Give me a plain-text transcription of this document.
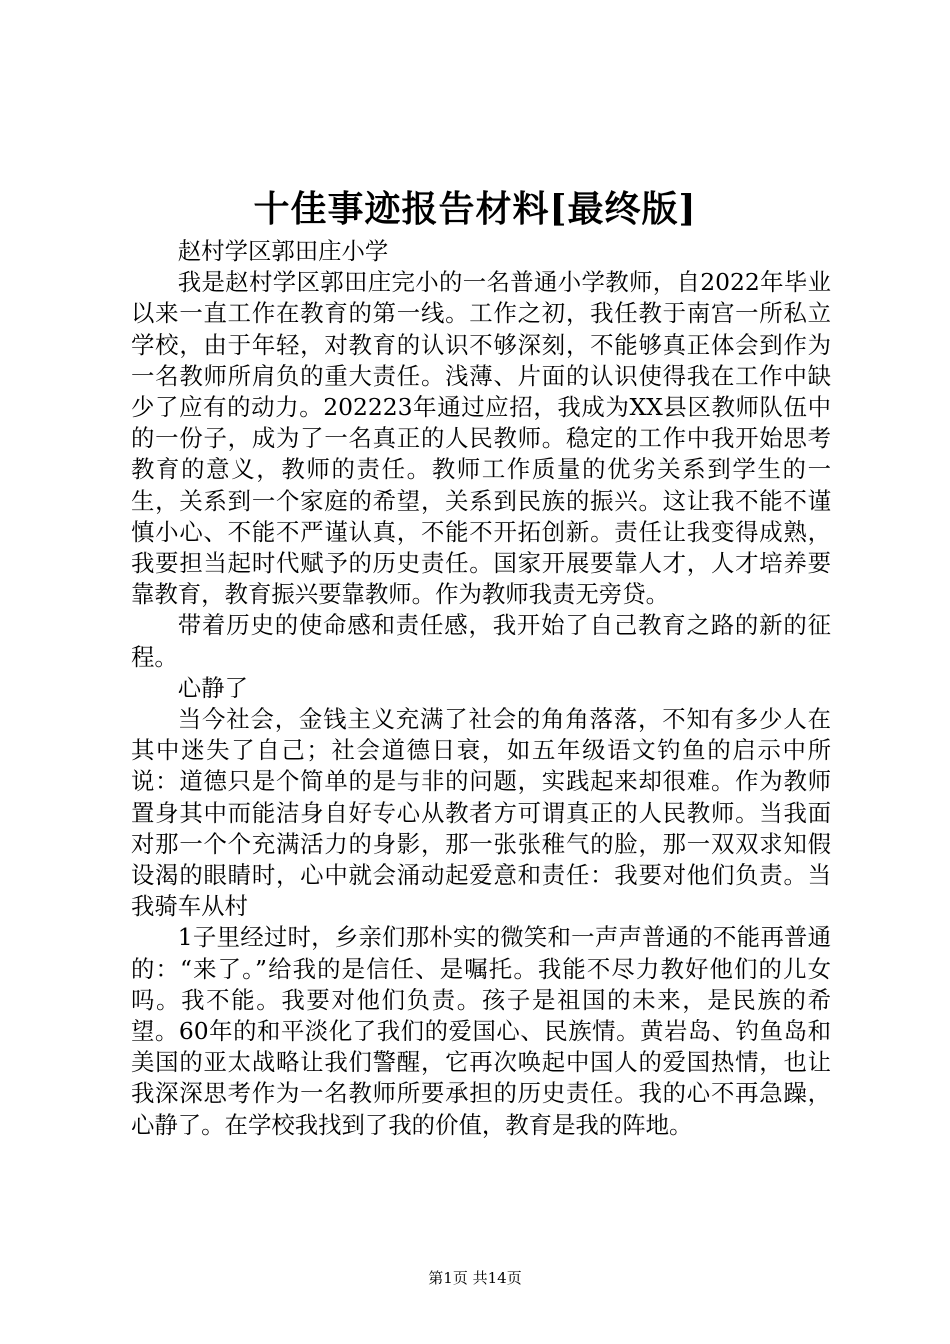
十佳事迹报告材料[最终版]

赵村学区郭田庄小学

我是赵村学区郭田庄完小的一名普通小学教师，自2022年毕业以来一直工作在教育的第一线。工作之初，我任教于南宫一所私立学校，由于年轻，对教育的认识不够深刻，不能够真正体会到作为一名教师所肩负的重大责任。浅薄、片面的认识使得我在工作中缺少了应有的动力。202223年通过应招，我成为XX县区教师队伍中的一份子，成为了一名真正的人民教师。稳定的工作中我开始思考教育的意义，教师的责任。教师工作质量的优劣关系到学生的一生，关系到一个家庭的希望，关系到民族的振兴。这让我不能不谨慎小心、不能不严谨认真，不能不开拓创新。责任让我变得成熟，我要担当起时代赋予的历史责任。国家开展要靠人才，人才培养要靠教育，教育振兴要靠教师。作为教师我责无旁贷。

带着历史的使命感和责任感，我开始了自己教育之路的新的征程。

心静了

当今社会，金钱主义充满了社会的角角落落，不知有多少人在其中迷失了自己；社会道德日衰，如五年级语文钓鱼的启示中所说：道德只是个简单的是与非的问题，实践起来却很难。作为教师置身其中而能洁身自好专心从教者方可谓真正的人民教师。当我面对那一个个充满活力的身影，那一张张稚气的脸，那一双双求知假设渴的眼睛时，心中就会涌动起爱意和责任：我要对他们负责。当我骑车从村

1子里经过时，乡亲们那朴实的微笑和一声声普通的不能再普通的：“来了。”给我的是信任、是嘱托。我能不尽力教好他们的儿女吗。我不能。我要对他们负责。孩子是祖国的未来，是民族的希望。60年的和平淡化了我们的爱国心、民族情。黄岩岛、钓鱼岛和美国的亚太战略让我们警醒，它再次唤起中国人的爱国热情，也让我深深思考作为一名教师所要承担的历史责任。我的心不再急躁，心静了。在学校我找到了我的价值，教育是我的阵地。

第1页 共14页
